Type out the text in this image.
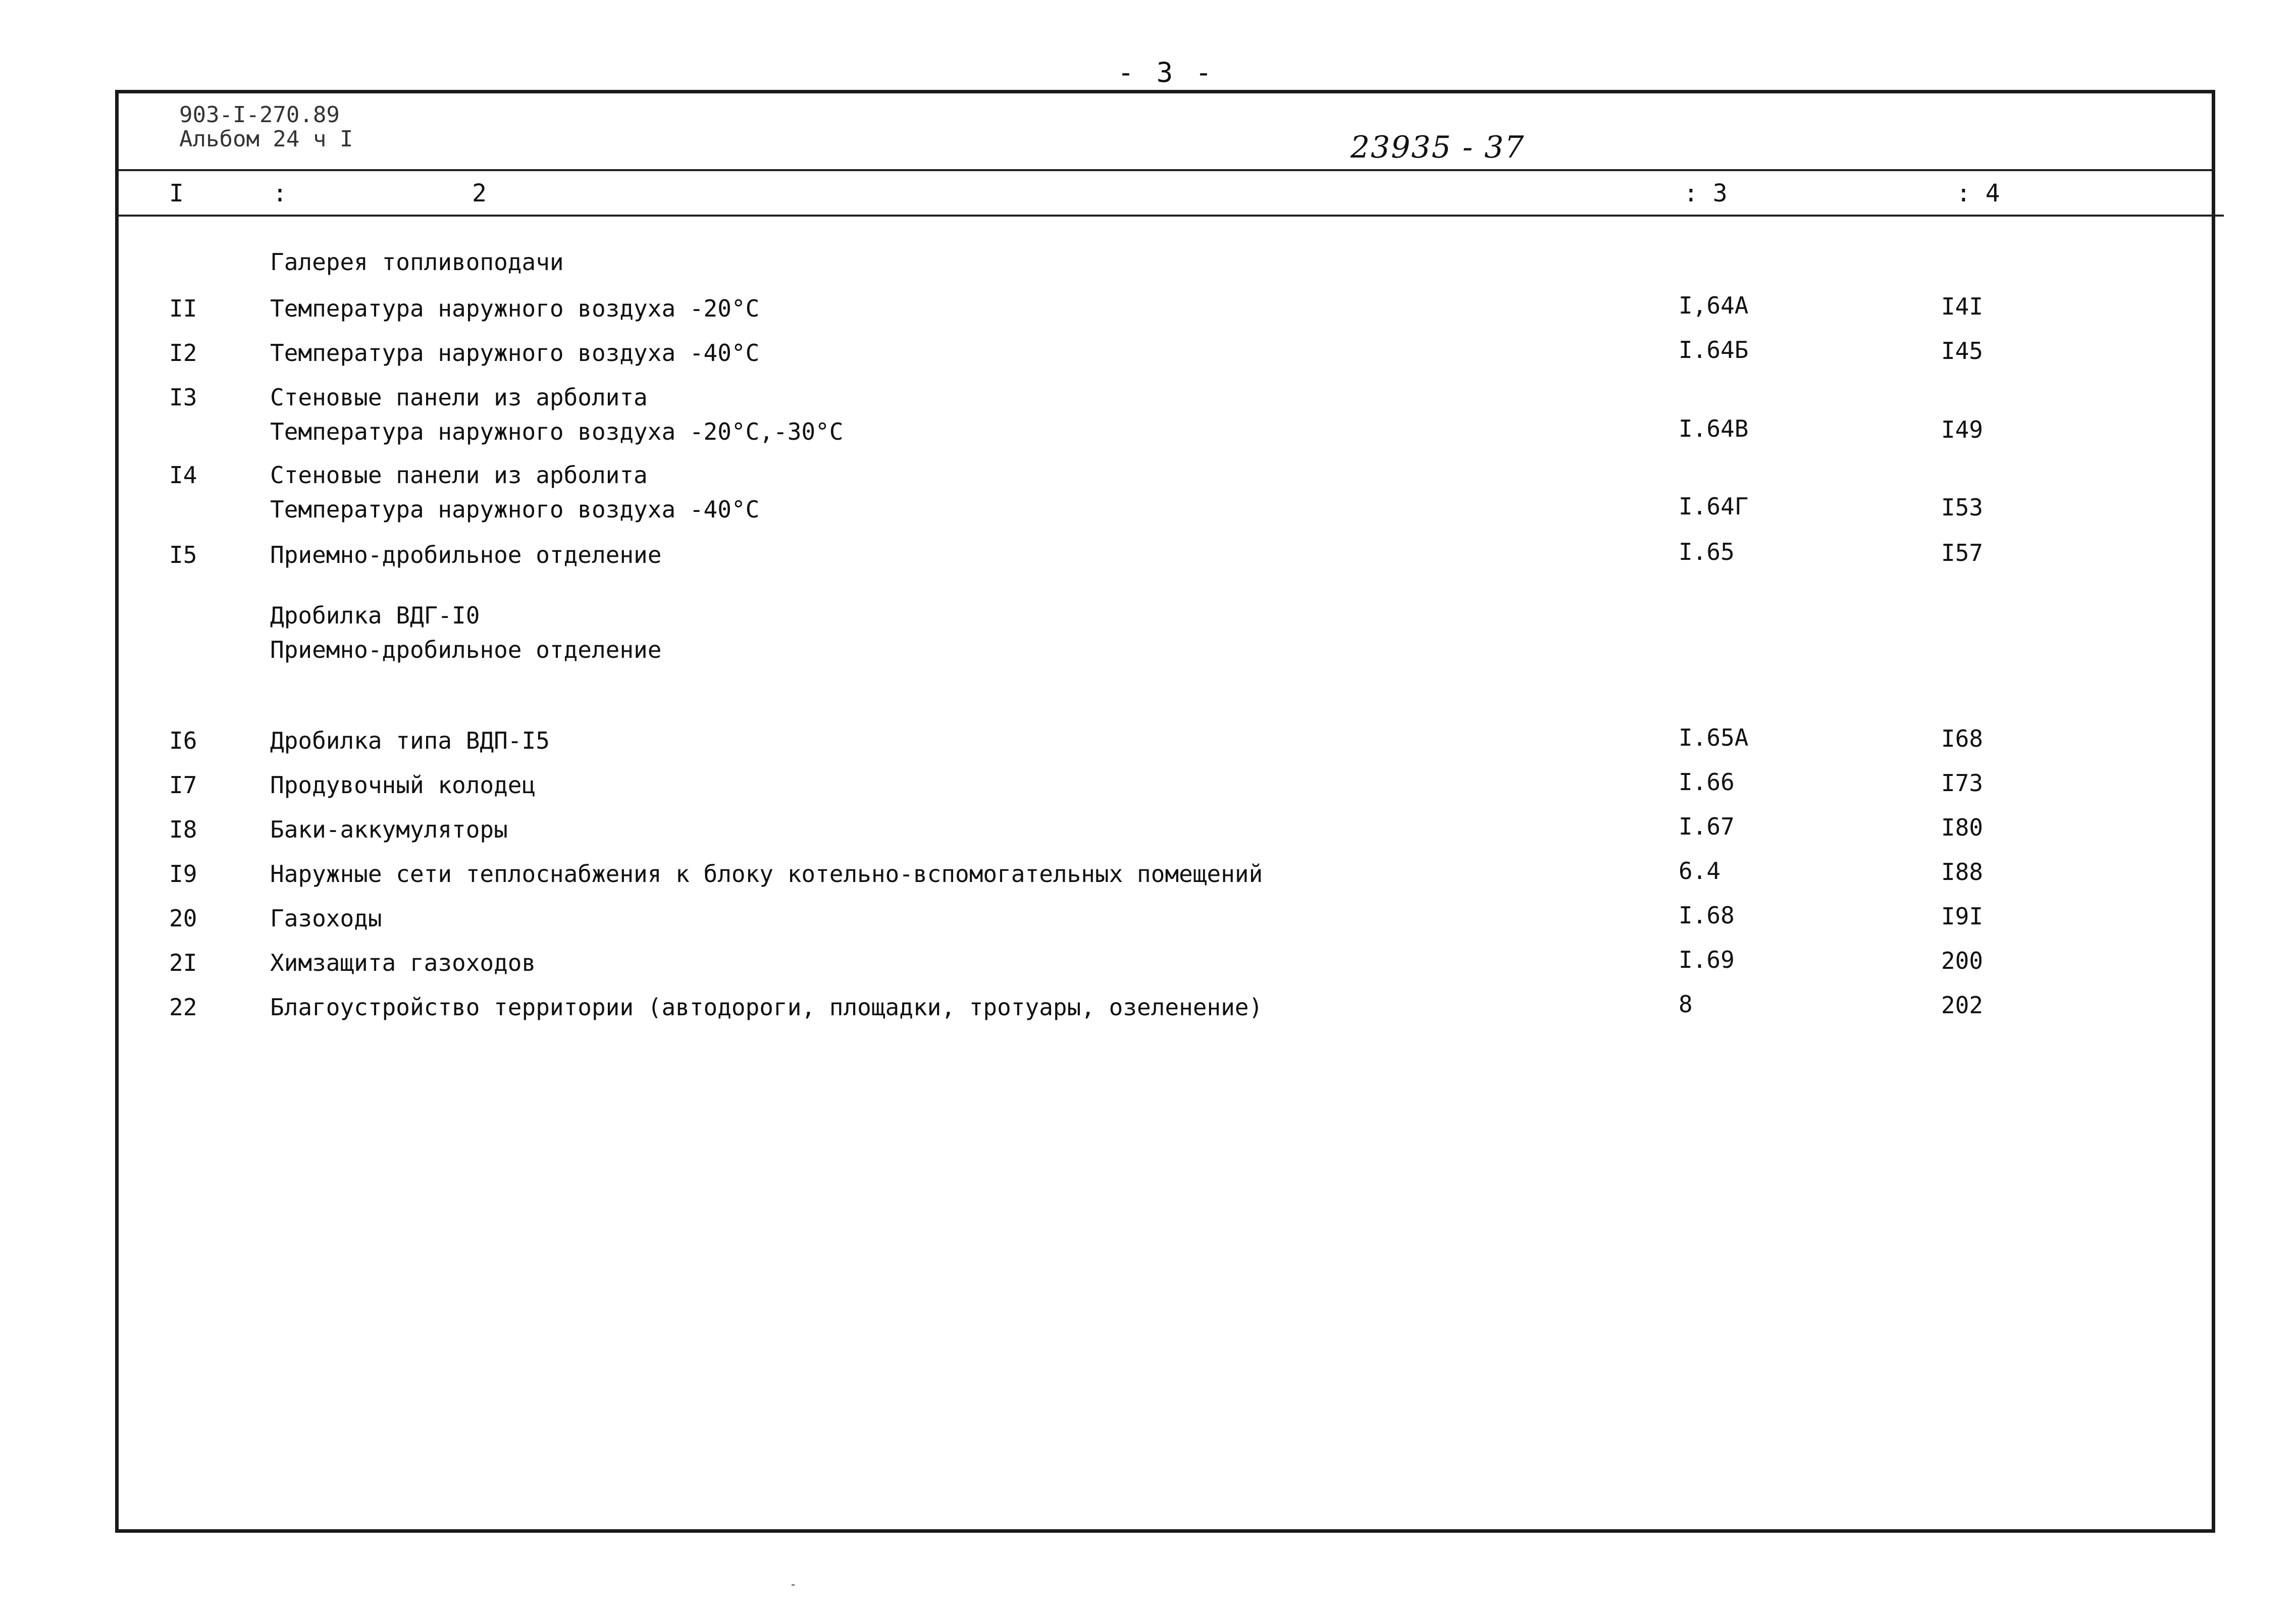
- 3 -
903-I-270.89
Альбом 24 ч I	23935 - 37
I	:	2	: 3	: 4
Галерея топливоподачи
II	Температура наружного воздуха -20°С	I,64А	I4I
I2	Температура наружного воздуха -40°С	I.64Б	I45
I3	Стеновые панели из арболита
Температура наружного воздуха -20°С,-30°С	I.64В	I49
I4	Стеновые панели из арболита
Температура наружного воздуха -40°С	I.64Г	I53
I5	Приемно-дробильное отделение	I.65	I57
Дробилка ВДГ-I0
Приемно-дробильное отделение
I6	Дробилка типа ВДП-I5	I.65А	I68
I7	Продувочный колодец	I.66	I73
I8	Баки-аккумуляторы	I.67	I80
I9	Наружные сети теплоснабжения к блоку котельно-вспомогательных помещений	6.4	I88
20	Газоходы	I.68	I9I
2I	Химзащита газоходов	I.69	200
22	Благоустройство территории (автодороги, площадки, тротуары, озеленение)	8	202
